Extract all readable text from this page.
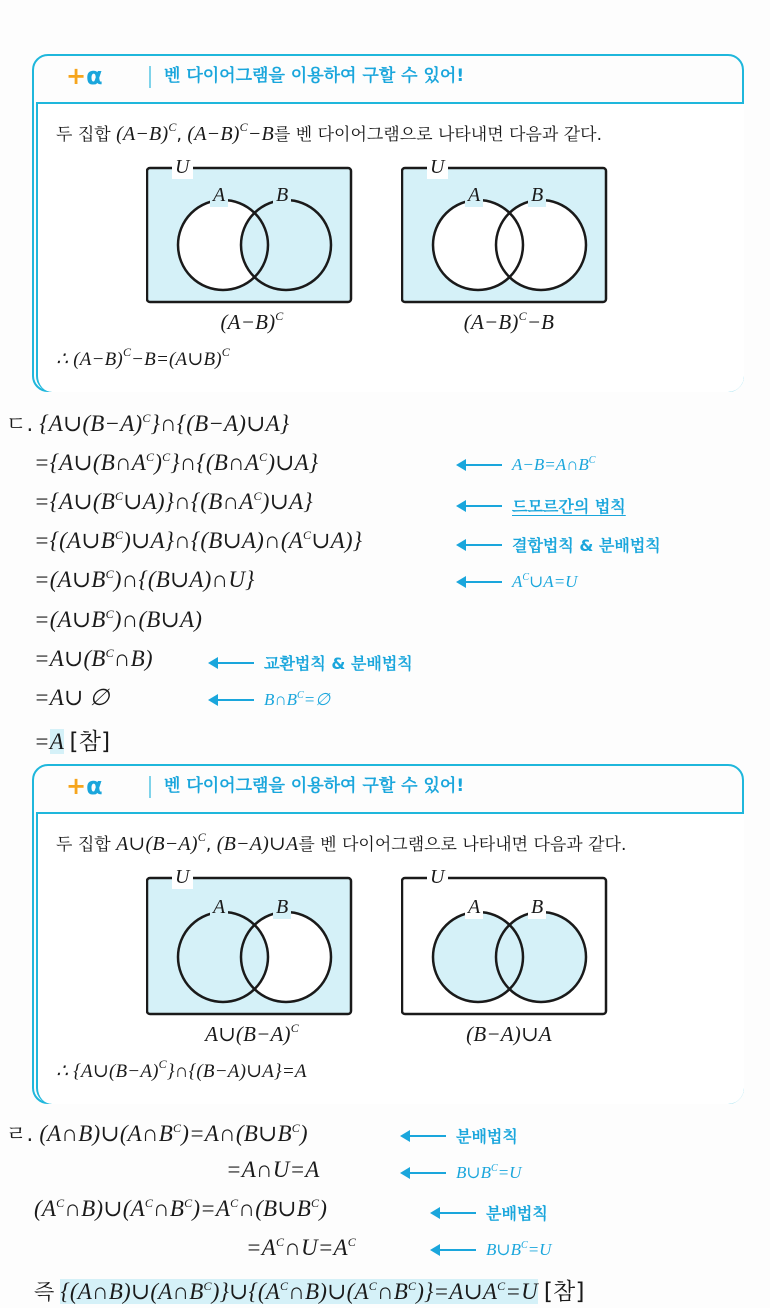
+α	벤 다이어그램을 이용하여 구할 수 있어!
두 집합 $(A-B)^C$, $(A-B)^C-B$를 벤 다이어그램으로 나타내면 다음과 같다.
U
A	B
$(A-B)^C$
U
A	B
$(A-B)^C-B$
∴ $(A-B)^C-B=(A\cup B)^C$
ㄷ. $\{A\cup(B-A)^C\}\cap\{(B-A)\cup A\}$
$=\{A\cup(B\cap A^C)^C\}\cap\{(B\cap A^C)\cup A\}$
$=\{A\cup(B^C\cup A)\}\cap\{(B\cap A^C)\cup A\}$
$=\{(A\cup B^C)\cup A\}\cap\{(B\cup A)\cap(A^C\cup A)\}$
$=(A\cup B^C)\cap\{(B\cup A)\cap U\}$
$=(A\cup B^C)\cap(B\cup A)$
$=A\cup(B^C\cap B)$
=A∪ ∅
=A [참]
$A-B=A\cap B^C$
드모르간의 법칙
결합법칙 & 분배법칙
$A^C\cup A=U$
교환법칙 & 분배법칙
$B\cap B^C=\emptyset$
+α	벤 다이어그램을 이용하여 구할 수 있어!
두 집합 $A\cup(B-A)^C$, (B−A)∪A를 벤 다이어그램으로 나타내면 다음과 같다.
U
A	B
$A\cup(B-A)^C$
U
A	B
(B−A)∪A
∴ $\{A\cup(B-A)^C\}\cap\{(B-A)\cup A\}=A$
ㄹ. $(A\cap B)\cup(A\cap B^C)=A\cap(B\cup B^C)$
=A∩U=A
$(A^C\cap B)\cup(A^C\cap B^C)=A^C\cap(B\cup B^C)$
$=A^C\cap U=A^C$
즉 $\{(A\cap B)\cup(A\cap B^C)\}\cup\{(A^C\cap B)\cup(A^C\cap B^C)\}=A\cup A^C=U$ [참]
분배법칙
$B\cup B^C=U$
분배법칙
$B\cup B^C=U$
